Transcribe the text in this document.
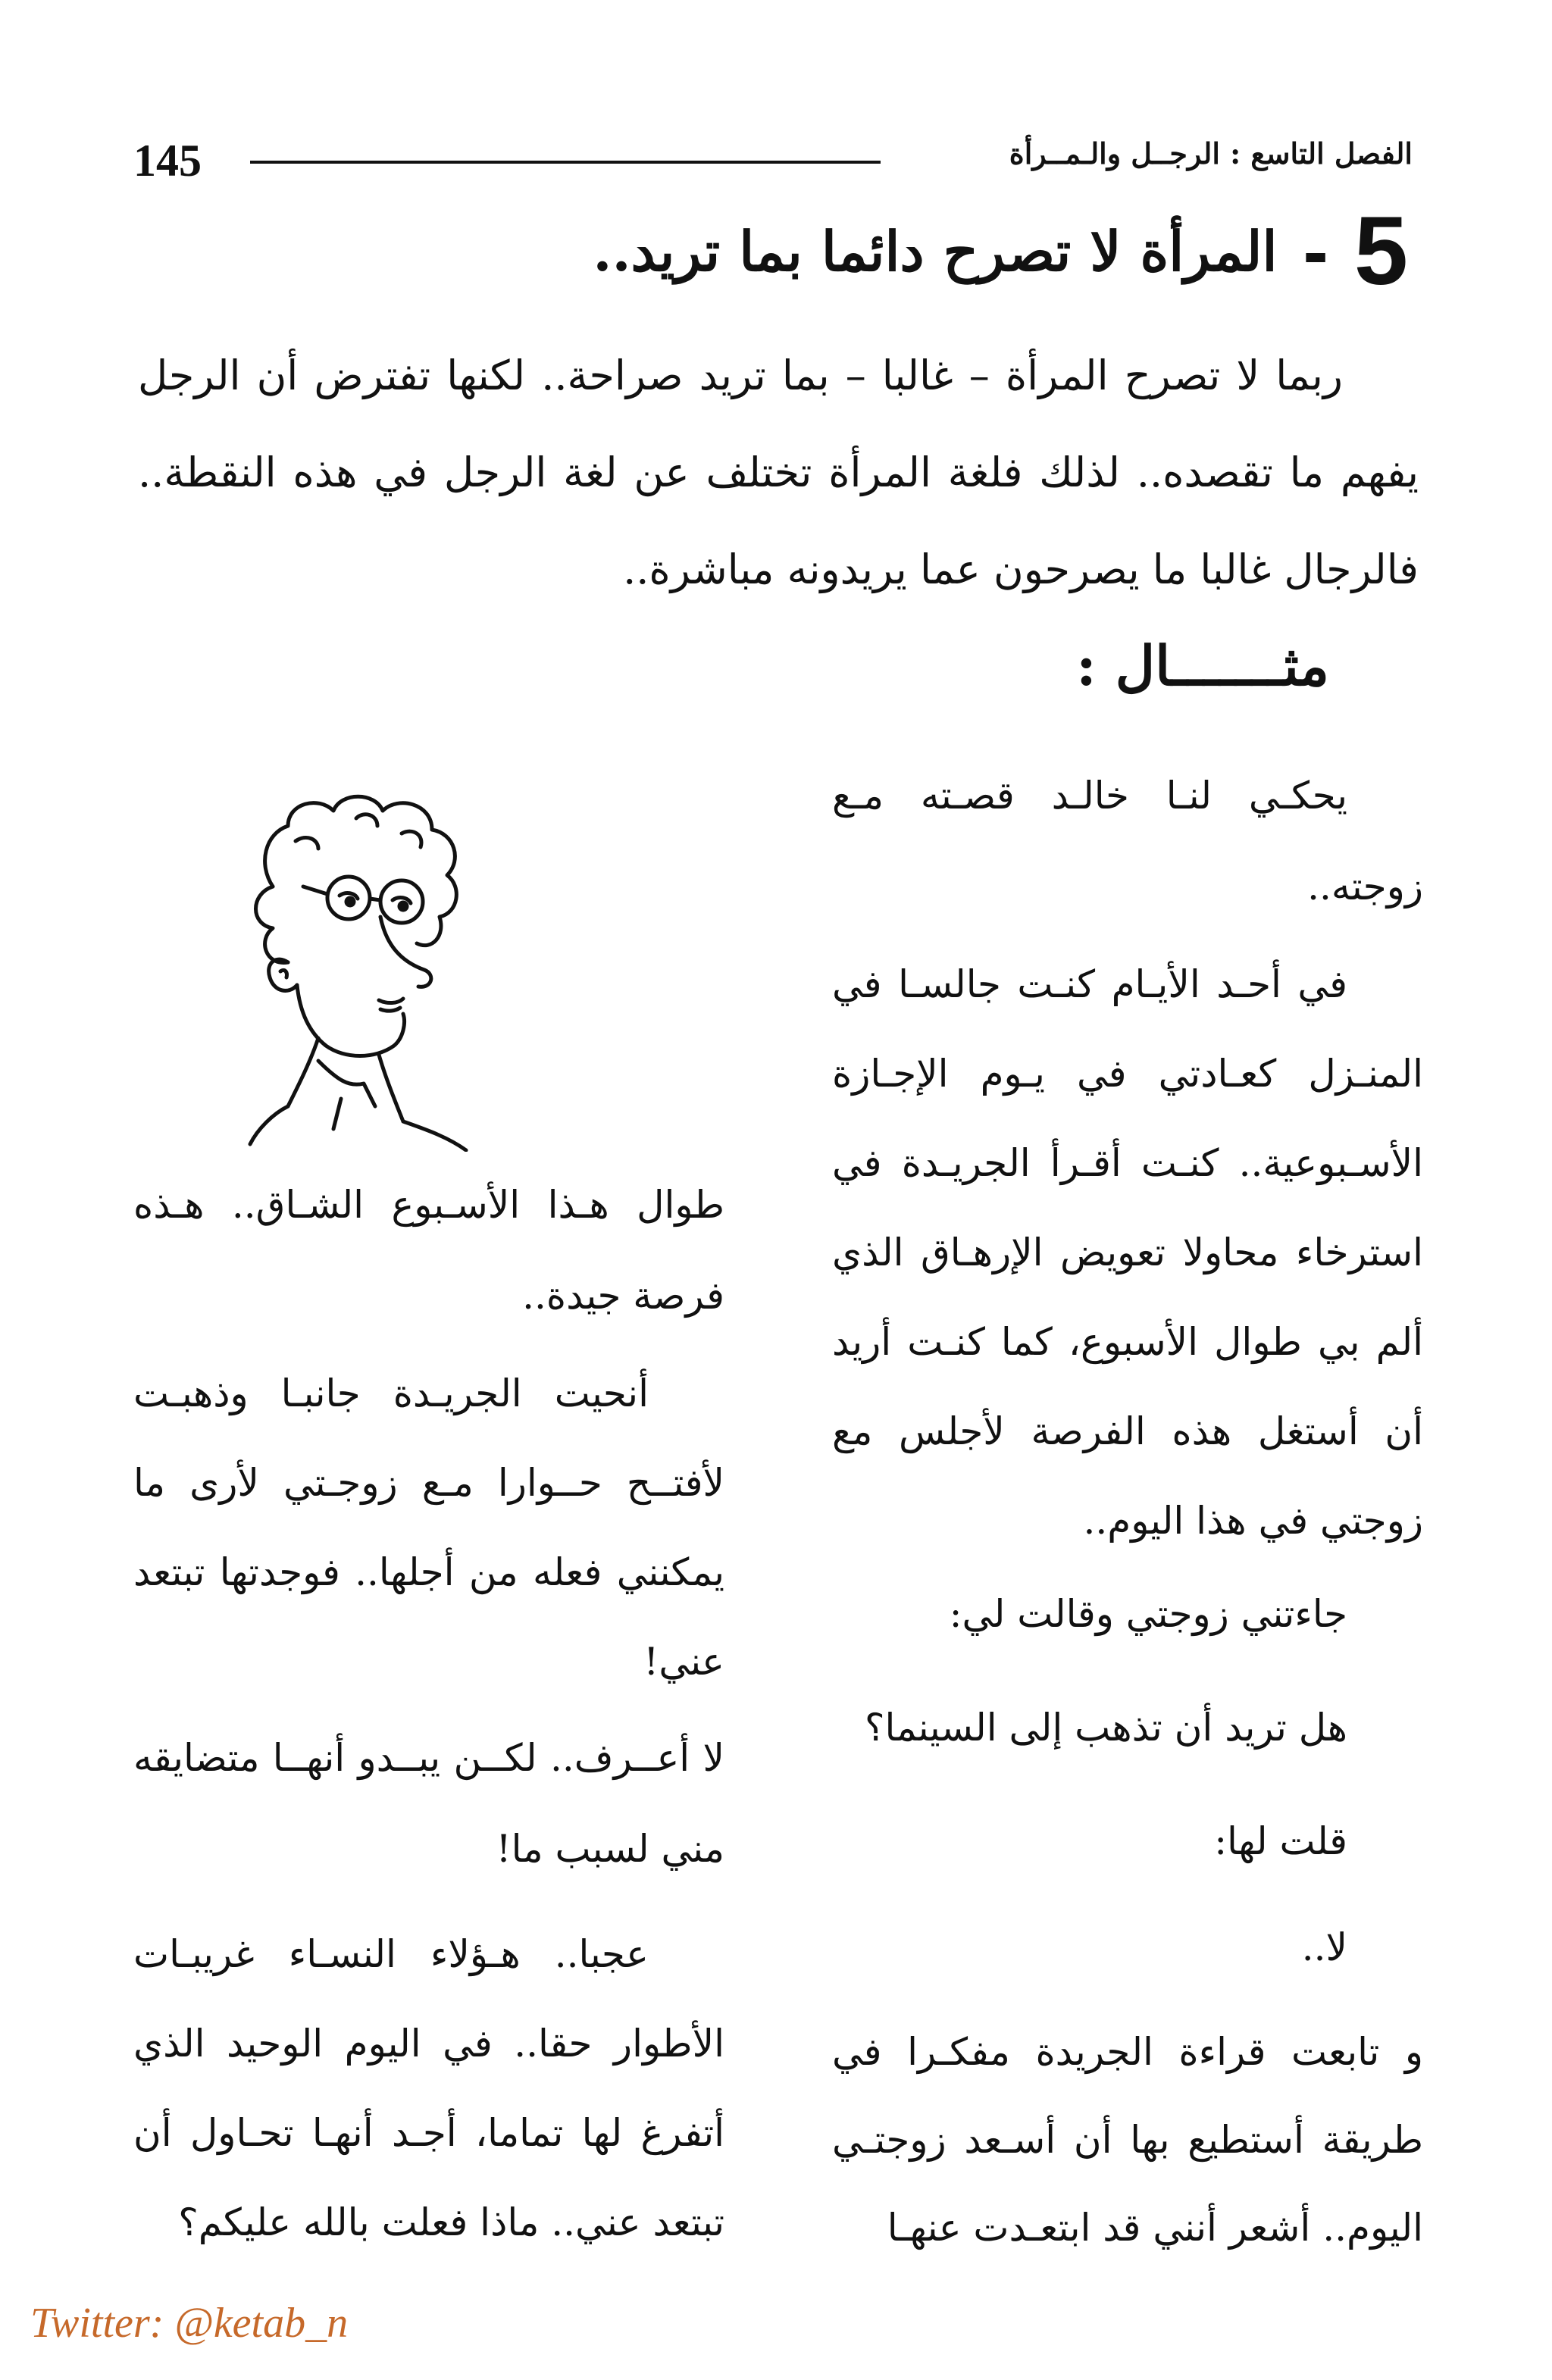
145	الفصل التاسع : الرجــل والـمــرأة
5
-
المرأة لا تصرح دائما بما تريد..

ربما لا تصرح المرأة – غالبا – بما تريد صراحة.. لكنها تفترض أن الرجل يفهم ما تقصده.. لذلك فلغة المرأة تختلف عن لغة الرجل في هذه النقطة.. فالرجال غالبا ما يصرحون عما يريدونه مباشرة..

مثـــــــال :

يحكـي لنـا خالـد قصـته مـع زوجته..

في أحـد الأيـام كنـت جالسـا في المنـزل كعـادتي في يـوم الإجـازة الأسـبوعية.. كنـت أقـرأ الجريـدة في استرخاء محاولا تعويض الإرهـاق الذي ألم بي طوال الأسبوع، كما كنـت أريد أن أستغل هذه الفرصة لأجلس مع زوجتي في هذا اليوم..

جاءتني زوجتي وقالت لي:

هل تريد أن تذهب إلى السينما؟

قلت لها:

لا..

و تابعت قراءة الجريدة مفكـرا في طريقة أستطيع بها أن أسـعد زوجتـي اليوم.. أشعر أنني قد ابتعـدت عنهـا

طوال هـذا الأسـبوع الشـاق.. هـذه فرصة جيدة..

أنحيت الجريـدة جانبـا وذهبـت لأفتــح حــوارا مـع زوجـتي لأرى ما يمكنني فعله من أجلها.. فوجدتها تبتعد عني!

لا أعــرف.. لكــن يبــدو أنهــا متضايقه مني لسبب ما!

عجبا.. هـؤلاء النسـاء غريبـات الأطوار حقا.. في اليوم الوحيد الذي أتفرغ لها تماما، أجـد أنهـا تحـاول أن تبتعد عني.. ماذا فعلت بالله عليكم؟

Twitter: @ketab_n
